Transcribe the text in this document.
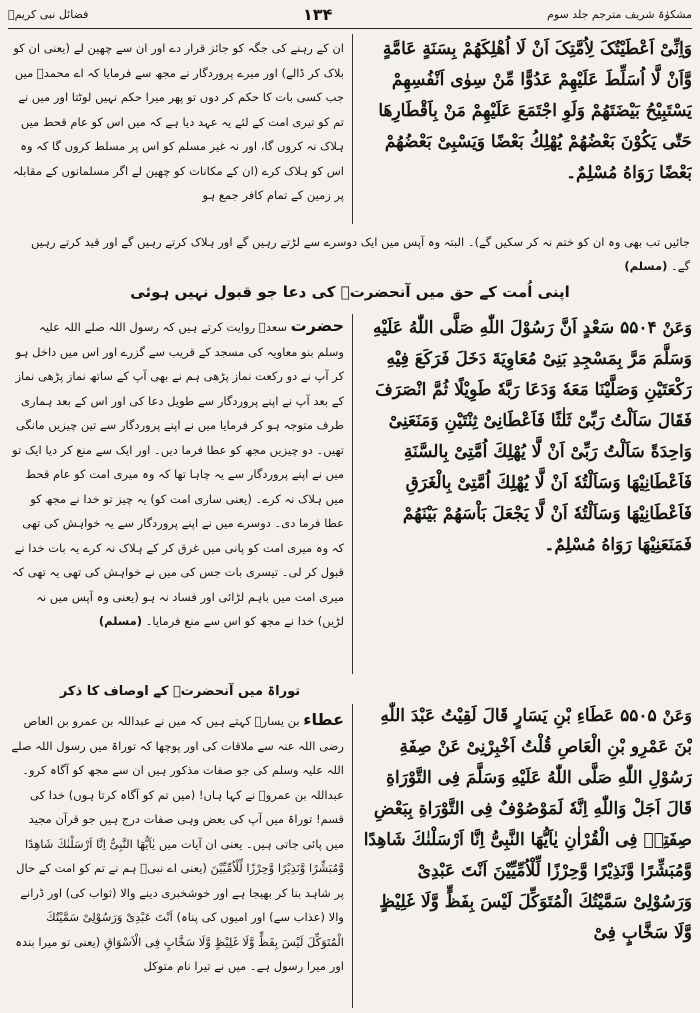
فضائل نبی کریمؐ	۱۳۴	مشکوٰۃ شریف مترجم جلد سوم
وَاِنِّیْ اَعْطَیْتُکَ لِاُمَّتِکَ اَنْ لَا اُهْلِکَهُمْ بِسَنَةٍ عَامَّةٍ وَّاَنْ لَّا اُسَلِّطَ عَلَیْهِمْ عَدُوًّا مِّنْ سِوٰی اَنْفُسِهِمْ یَسْتَبِیْحُ بَیْضَتَهُمْ وَلَوِ اجْتَمَعَ عَلَیْهِمْ مَنْ بِاَقْطَارِهَا حَتّٰی یَکُوْنَ بَعْضُهُمْ یُهْلِكُ بَعْضًا وَیَسْبِیْ بَعْضُهُمْ بَعْضًا رَوَاهُ مُسْلِمٌ۔
ان کے رہنے کی جگہ کو جائز قرار دے اور ان سے چھین لے (یعنی ان کو بلاک کر ڈالے) اور میرے پروردگار نے مجھ سے فرمایا کہ اے محمدؐ میں جب کسی بات کا حکم کر دوں تو پھر میرا حکم نہیں لوٹتا اور میں نے تم کو تیری امت کے لئے یہ عہد دیا ہے کہ میں اس کو عام قحط میں ہلاک نہ کروں گا، اور نہ غیر مسلم کو اس پر مسلط کروں گا کہ وہ اس کو ہلاک کرے (ان کے مکانات کو چھین لے اگر مسلمانوں کے مقابلہ پر زمین کے تمام کافر جمع ہو
جائیں تب بھی وہ ان کو ختم نہ کر سکیں گے)۔ البتہ وہ آپس میں ایک دوسرے سے لڑتے رہیں گے اور ہلاک کرتے رہیں گے اور قید کرتے رہیں گے۔ (مسلم)
اپنی اُمت کے حق میں آنحضرتؐ کی دعا جو قبول نہیں ہوئی
وَعَنْ ۵۵۰۴ سَعْدٍ اَنَّ رَسُوْلَ اللّٰهِ صَلَّی اللّٰهُ عَلَیْهِ وَسَلَّمَ مَرَّ بِمَسْجِدِ بَنِیْ مُعَاوِیَةَ دَخَلَ فَرَكَعَ فِیْهِ رَكْعَتَیْنِ وَصَلَّیْنَا مَعَهٗ وَدَعَا رَبَّهٗ طَوِیْلًا ثُمَّ انْصَرَفَ فَقَالَ سَاَلْتُ رَبِّیْ ثَلٰثًا فَاَعْطَانِیْ ثِنْتَیْنِ وَمَنَعَنِیْ وَاحِدَةً سَاَلْتُ رَبِّیْ اَنْ لَّا یُهْلِكَ اُمَّتِیْ بِالسَّنَةِ فَاَعْطَانِیْهَا وَسَاَلْتُهٗ اَنْ لَّا یُهْلِكَ اُمَّتِیْ بِالْغَرَقِ فَاَعْطَانِیْهَا وَسَاَلْتُهٗ اَنْ لَّا یَجْعَلَ بَاْسَهُمْ بَیْنَهُمْ فَمَنَعَنِیْهَا رَوَاهُ مُسْلِمٌ۔
حضرت سعدؓ روایت کرتے ہیں کہ رسول اللہ صلے اللہ علیہ وسلم بنو معاویہ کی مسجد کے قریب سے گزرے اور اس میں داخل ہو کر آپ نے دو رکعت نماز پڑھی ہم نے بھی آپ کے ساتھ نماز پڑھی نماز کے بعد آپ نے اپنے پروردگار سے طویل دعا کی اور اس کے بعد ہماری طرف متوجہ ہو کر فرمایا میں نے اپنے پروردگار سے تین چیزیں مانگی تھیں۔ دو چیزیں مجھ کو عطا فرما دیں۔ اور ایک سے منع کر دیا ایک تو میں نے اپنے پروردگار سے یہ چاہا تھا کہ وہ میری امت کو عام قحط میں ہلاک نہ کرے۔ (یعنی ساری امت کو) یہ چیز تو خدا نے مجھ کو عطا فرما دی۔ دوسرے میں نے اپنے پروردگار سے یہ خواہش کی تھی کہ وہ میری امت کو پانی میں غرق کر کے ہلاک نہ کرے یہ بات خدا نے قبول کر لی۔ تیسری بات جس کی میں نے خواہش کی تھی یہ تھی کہ میری امت میں باہم لڑائی اور فساد نہ ہو (یعنی وہ آپس میں نہ لڑیں) خدا نے مجھ کو اس سے منع فرمایا۔ (مسلم)
توراۃ میں آنحضرتؐ کے اوصاف کا ذکر
وَعَنْ ۵۵۰۵ عَطَاءِ بْنِ یَسَارٍ قَالَ لَقِیْتُ عَبْدَ اللّٰهِ بْنَ عَمْرِو بْنِ الْعَاصِ قُلْتُ اَخْبِرْنِیْ عَنْ صِفَةِ رَسُوْلِ اللّٰهِ صَلَّی اللّٰهُ عَلَیْهِ وَسَلَّمَ فِی التَّوْرَاةِ قَالَ اَجَلْ وَاللّٰهِ اِنَّهٗ لَمَوْصُوْفٌ فِی التَّوْرَاةِ بِبَعْضِ صِفَتِهٖ فِی الْقُرْاٰنِ یٰاَیُّهَا النَّبِیُّ اِنَّا اَرْسَلْنٰكَ شَاهِدًا وَّمُبَشِّرًا وَّنَذِیْرًا وَّحِرْزًا لِّلْاُمِّیِّیْنَ اَنْتَ عَبْدِیْ وَرَسُوْلِیْ سَمَّیْتُكَ الْمُتَوَكِّلَ لَیْسَ بِفَظٍّ وَّلَا غَلِیْظٍ وَّلَا سَخَّابٍ فِیْ
عطاء بن یسارؓ کہتے ہیں کہ میں نے عبداللہ بن عمرو بن العاص رضی اللہ عنہ سے ملاقات کی اور پوچھا کہ توراۃ میں رسول اللہ صلے اللہ علیہ وسلم کی جو صفات مذکور ہیں ان سے مجھ کو آگاہ کرو۔ عبداللہ بن عمروؓ نے کہا ہاں! (میں تم کو آگاہ کرتا ہوں) خدا کی قسم! توراۃ میں آپ کی بعض وہی صفات درج ہیں جو قرآن مجید میں پائی جاتی ہیں۔ یعنی ان آیات میں یٰاَیُّهَا النَّبِیُّ اِنَّا اَرْسَلْنٰكَ شَاهِدًا وَّمُبَشِّرًا وَّنَذِیْرًا وَّحِرْزًا لِّلْاُمِّیِّیْنَ (یعنی اے نبیؐ ہم نے تم کو امت کے حال پر شاہد بنا کر بھیجا ہے اور خوشخبری دینے والا (ثواب کی) اور ڈرانے والا (عذاب سے) اور امیوں کی پناہ) اَنْتَ عَبْدِیْ وَرَسُوْلِیْ سَمَّیْتُكَ الْمُتَوَكِّلَ لَیْسَ بِفَظٍّ وَّلَا غَلِیْظٍ وَّلَا سَخَّابٍ فِی الْاَسْوَاقِ (یعنی تو میرا بندہ اور میرا رسول ہے۔ میں نے تیرا نام متوکل
